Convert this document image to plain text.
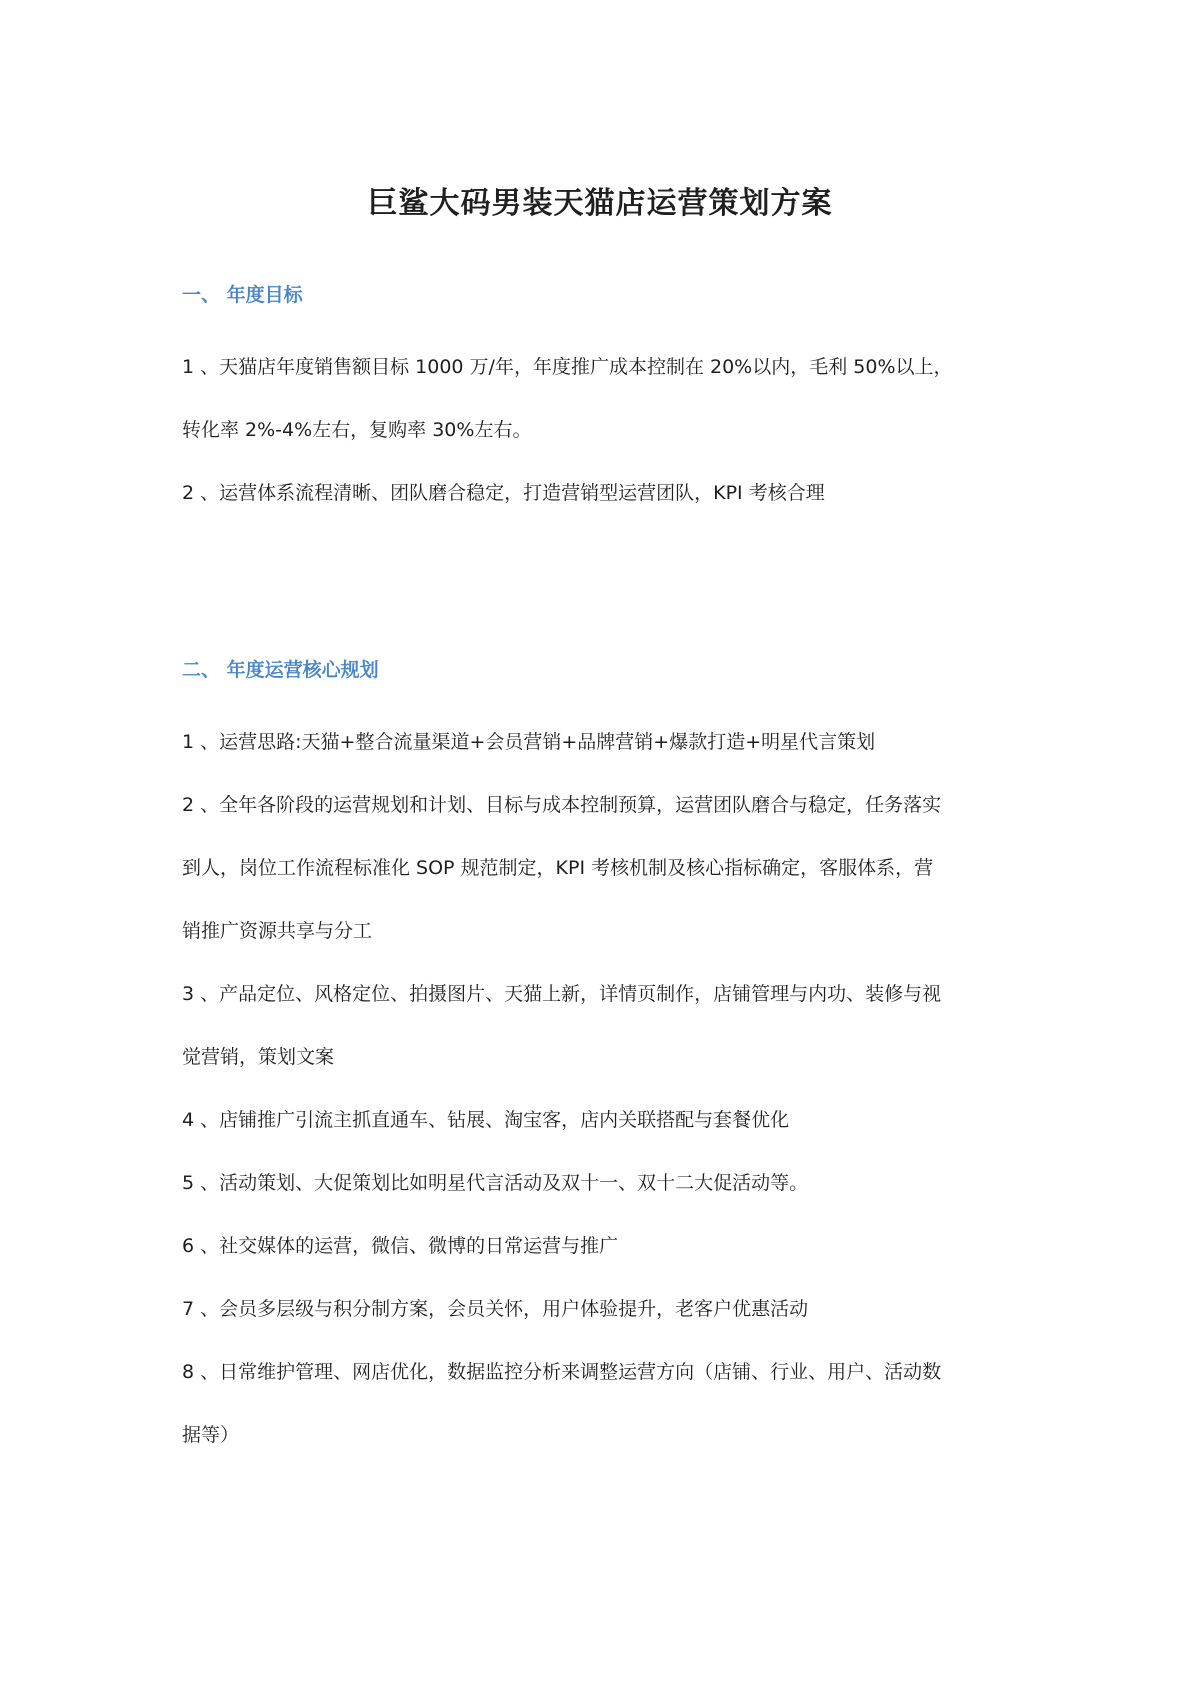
巨鲨大码男装天猫店运营策划方案
一、 年度目标
1 、天猫店年度销售额目标 1000 万/年，年度推广成本控制在 20%以内，毛利 50%以上，
转化率 2%-4%左右，复购率 30%左右。
2 、运营体系流程清晰、团队磨合稳定，打造营销型运营团队，KPI 考核合理
二、 年度运营核心规划
1 、运营思路:天猫+整合流量渠道+会员营销+品牌营销+爆款打造+明星代言策划
2 、全年各阶段的运营规划和计划、目标与成本控制预算，运营团队磨合与稳定，任务落实
到人，岗位工作流程标准化 SOP 规范制定，KPI 考核机制及核心指标确定，客服体系，营
销推广资源共享与分工
3 、产品定位、风格定位、拍摄图片、天猫上新，详情页制作，店铺管理与内功、装修与视
觉营销，策划文案
4 、店铺推广引流主抓直通车、钻展、淘宝客，店内关联搭配与套餐优化
5 、活动策划、大促策划比如明星代言活动及双十一、双十二大促活动等。
6 、社交媒体的运营，微信、微博的日常运营与推广
7 、会员多层级与积分制方案，会员关怀，用户体验提升，老客户优惠活动
8 、日常维护管理、网店优化，数据监控分析来调整运营方向（店铺、行业、用户、活动数
据等）
